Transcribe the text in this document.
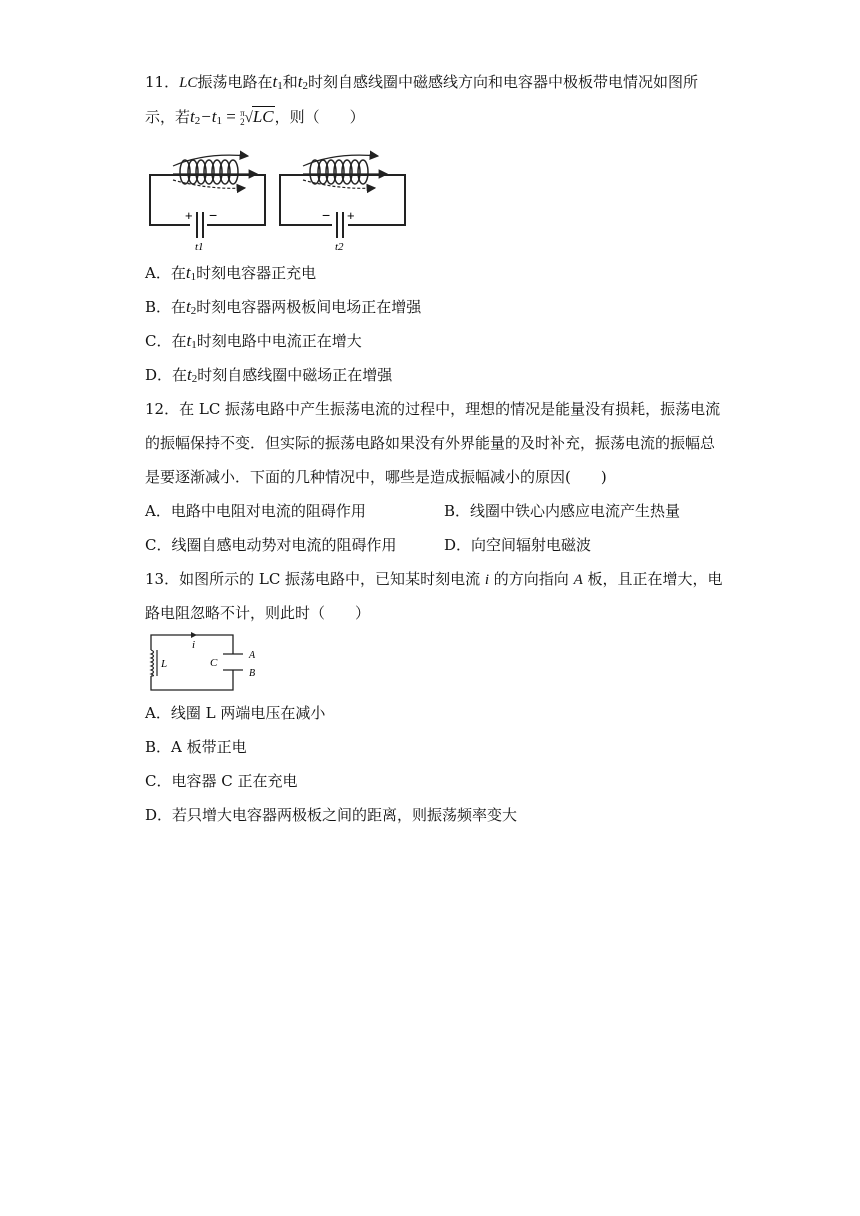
11．LC振荡电路在t1和t2时刻自感线圈中磁感线方向和电容器中极板带电情况如图所
示，若t2−t1 = π
2√LC，则（　　）
+ −
t1
− +
t2
A．在t1时刻电容器正充电
B．在t2时刻电容器两极板间电场正在增强
C．在t1时刻电路中电流正在增大
D．在t2时刻自感线圈中磁场正在增强
12．在 LC 振荡电路中产生振荡电流的过程中，理想的情况是能量没有损耗，振荡电流
的振幅保持不变．但实际的振荡电路如果没有外界能量的及时补充，振荡电流的振幅总
是要逐渐减小．下面的几种情况中，哪些是造成振幅减小的原因(　　)
A．电路中电阻对电流的阻碍作用	B．线圈中铁心内感应电流产生热量
C．线圈自感电动势对电流的阻碍作用	D．向空间辐射电磁波
13．如图所示的 LC 振荡电路中，已知某时刻电流 i 的方向指向 A 板，且正在增大，电
路电阻忽略不计，则此时（　　）
i
L	C
A
B
A．线圈 L 两端电压在减小
B．A 板带正电
C．电容器 C 正在充电
D．若只增大电容器两极板之间的距离，则振荡频率变大
